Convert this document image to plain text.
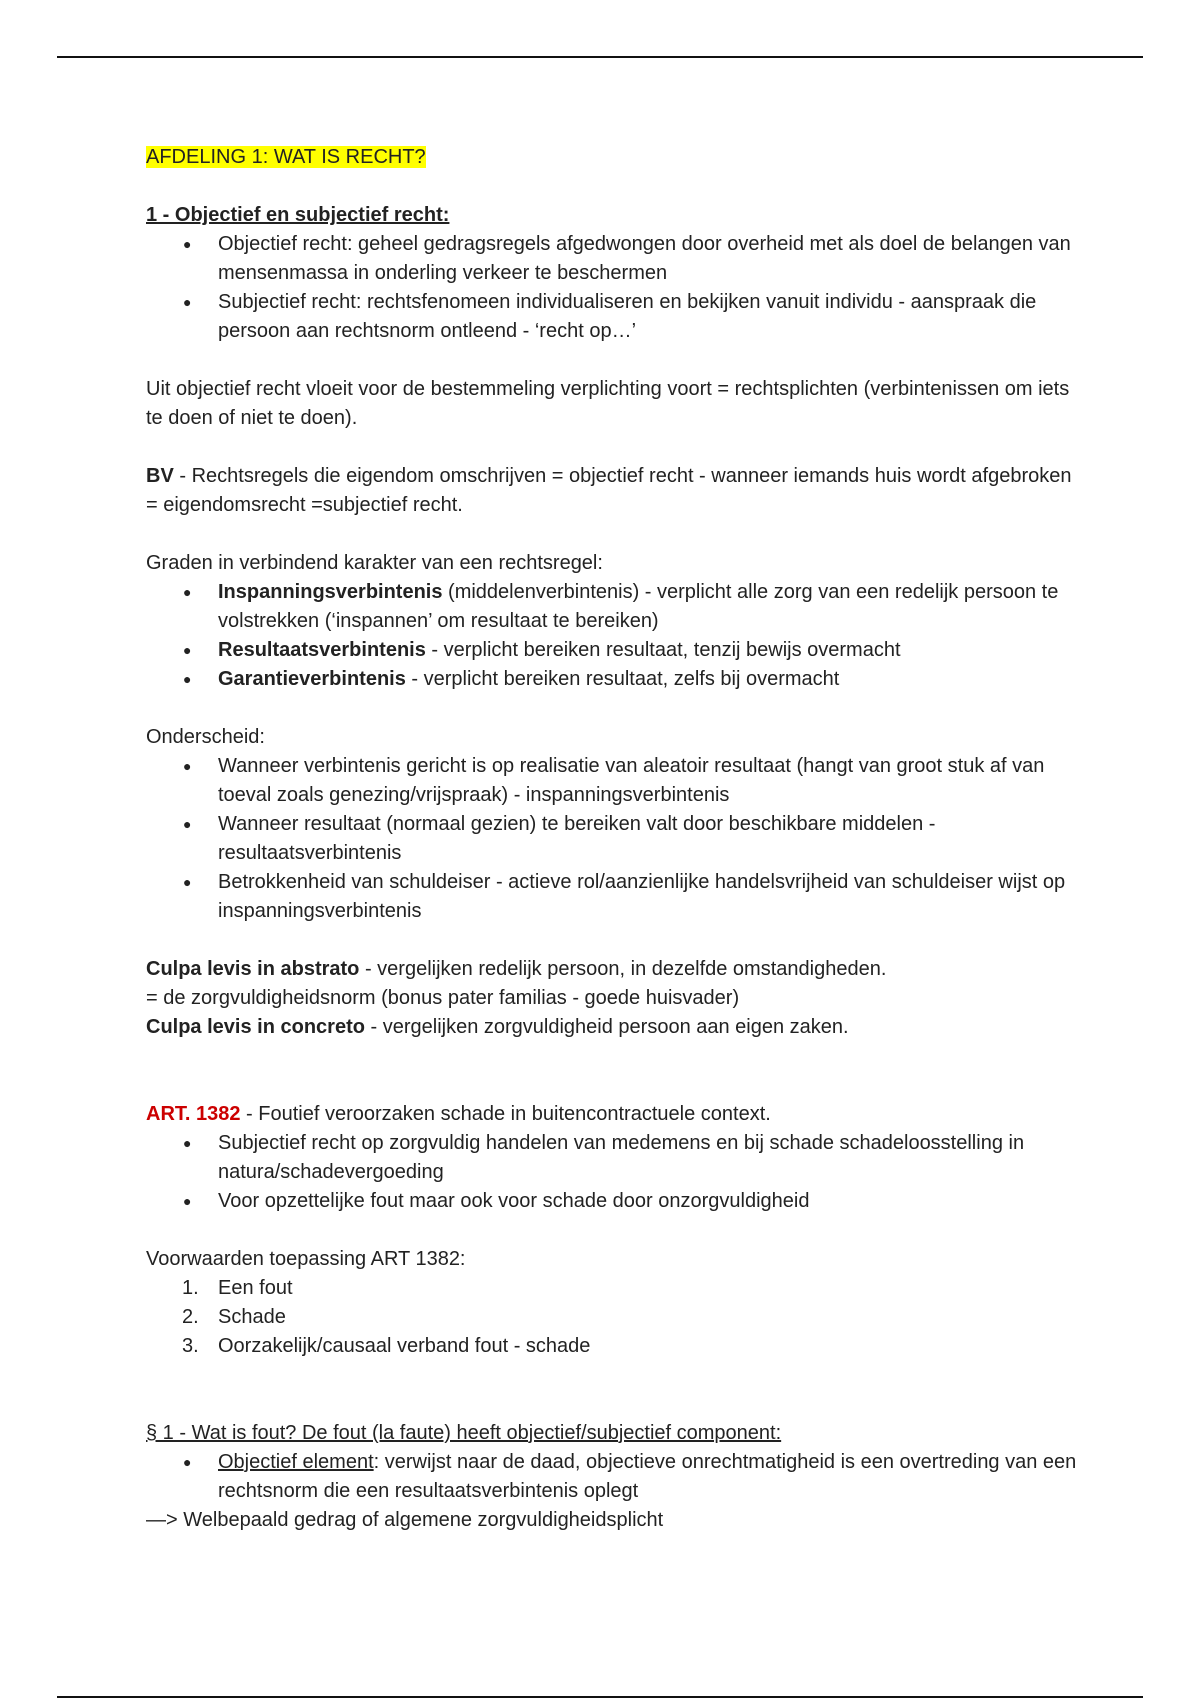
AFDELING 1: WAT IS RECHT?

1 - Objectief en subjectief recht:

● Objectief recht: geheel gedragsregels afgedwongen door overheid met als doel de belangen van mensenmassa in onderling verkeer te beschermen
● Subjectief recht: rechtsfenomeen individualiseren en bekijken vanuit individu - aanspraak die persoon aan rechtsnorm ontleend - ‘recht op…’

Uit objectief recht vloeit voor de bestemmeling verplichting voort = rechtsplichten (verbintenissen om iets te doen of niet te doen).

BV - Rechtsregels die eigendom omschrijven = objectief recht - wanneer iemands huis wordt afgebroken = eigendomsrecht =subjectief recht.

Graden in verbindend karakter van een rechtsregel:

● Inspanningsverbintenis (middelenverbintenis) - verplicht alle zorg van een redelijk persoon te volstrekken (‘inspannen’ om resultaat te bereiken)
● Resultaatsverbintenis - verplicht bereiken resultaat, tenzij bewijs overmacht
● Garantieverbintenis - verplicht bereiken resultaat, zelfs bij overmacht

Onderscheid:

● Wanneer verbintenis gericht is op realisatie van aleatoir resultaat (hangt van groot stuk af van toeval zoals genezing/vrijspraak) - inspanningsverbintenis
● Wanneer resultaat (normaal gezien) te bereiken valt door beschikbare middelen - resultaatsverbintenis
● Betrokkenheid van schuldeiser - actieve rol/aanzienlijke handelsvrijheid van schuldeiser wijst op inspanningsverbintenis

Culpa levis in abstrato - vergelijken redelijk persoon, in dezelfde omstandigheden.

= de zorgvuldigheidsnorm (bonus pater familias - goede huisvader)

Culpa levis in concreto - vergelijken zorgvuldigheid persoon aan eigen zaken.

ART. 1382 - Foutief veroorzaken schade in buitencontractuele context.

● Subjectief recht op zorgvuldig handelen van medemens en bij schade schadeloosstelling in natura/schadevergoeding
● Voor opzettelijke fout maar ook voor schade door onzorgvuldigheid

Voorwaarden toepassing ART 1382:

1. Een fout
2. Schade
3. Oorzakelijk/causaal verband fout - schade

§ 1 - Wat is fout? De fout (la faute) heeft objectief/subjectief component:

● Objectief element: verwijst naar de daad, objectieve onrechtmatigheid is een overtreding van een rechtsnorm die een resultaatsverbintenis oplegt

—> Welbepaald gedrag of algemene zorgvuldigheidsplicht
